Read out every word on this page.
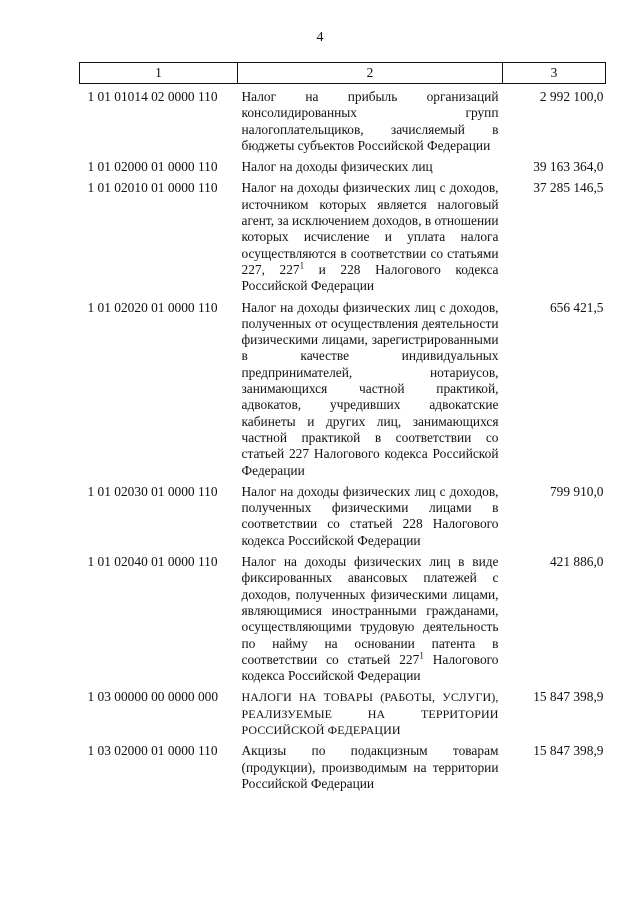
4
1	2	3

1 01 01014 02 0000 110	Налог на прибыль организаций консолидированных групп налогоплательщиков, зачисляемый в бюджеты субъектов Российской Федерации	2 992 100,0

1 01 02000 01 0000 110	Налог на доходы физических лиц	39 163 364,0

1 01 02010 01 0000 110	Налог на доходы физических лиц с доходов, источником которых является налоговый агент, за исключением доходов, в отношении которых исчисление и уплата налога осуществляются в соответствии со статьями 227, $227^1$ и 228 Налогового кодекса Российской Федерации	37 285 146,5

1 01 02020 01 0000 110	Налог на доходы физических лиц с доходов, полученных от осуществления деятельности физическими лицами, зарегистрированными в качестве индивидуальных предпринимателей, нотариусов, занимающихся частной практикой, адвокатов, учредивших адвокатские кабинеты и других лиц, занимающихся частной практикой в соответствии со статьей 227 Налогового кодекса Российской Федерации	656 421,5

1 01 02030 01 0000 110	Налог на доходы физических лиц с доходов, полученных физическими лицами в соответствии со статьей 228 Налогового кодекса Российской Федерации	799 910,0

1 01 02040 01 0000 110	Налог на доходы физических лиц в виде фиксированных авансовых платежей с доходов, полученных физическими лицами, являющимися иностранными гражданами, осуществляющими трудовую деятельность по найму на основании патента в соответствии со статьей $227^1$ Налогового кодекса Российской Федерации	421 886,0

1 03 00000 00 0000 000	НАЛОГИ НА ТОВАРЫ (РАБОТЫ, УСЛУГИ), РЕАЛИЗУЕМЫЕ НА ТЕРРИТОРИИ РОССИЙСКОЙ ФЕДЕРАЦИИ	15 847 398,9

1 03 02000 01 0000 110	Акцизы по подакцизным товарам (продукции), производимым на территории Российской Федерации	15 847 398,9
